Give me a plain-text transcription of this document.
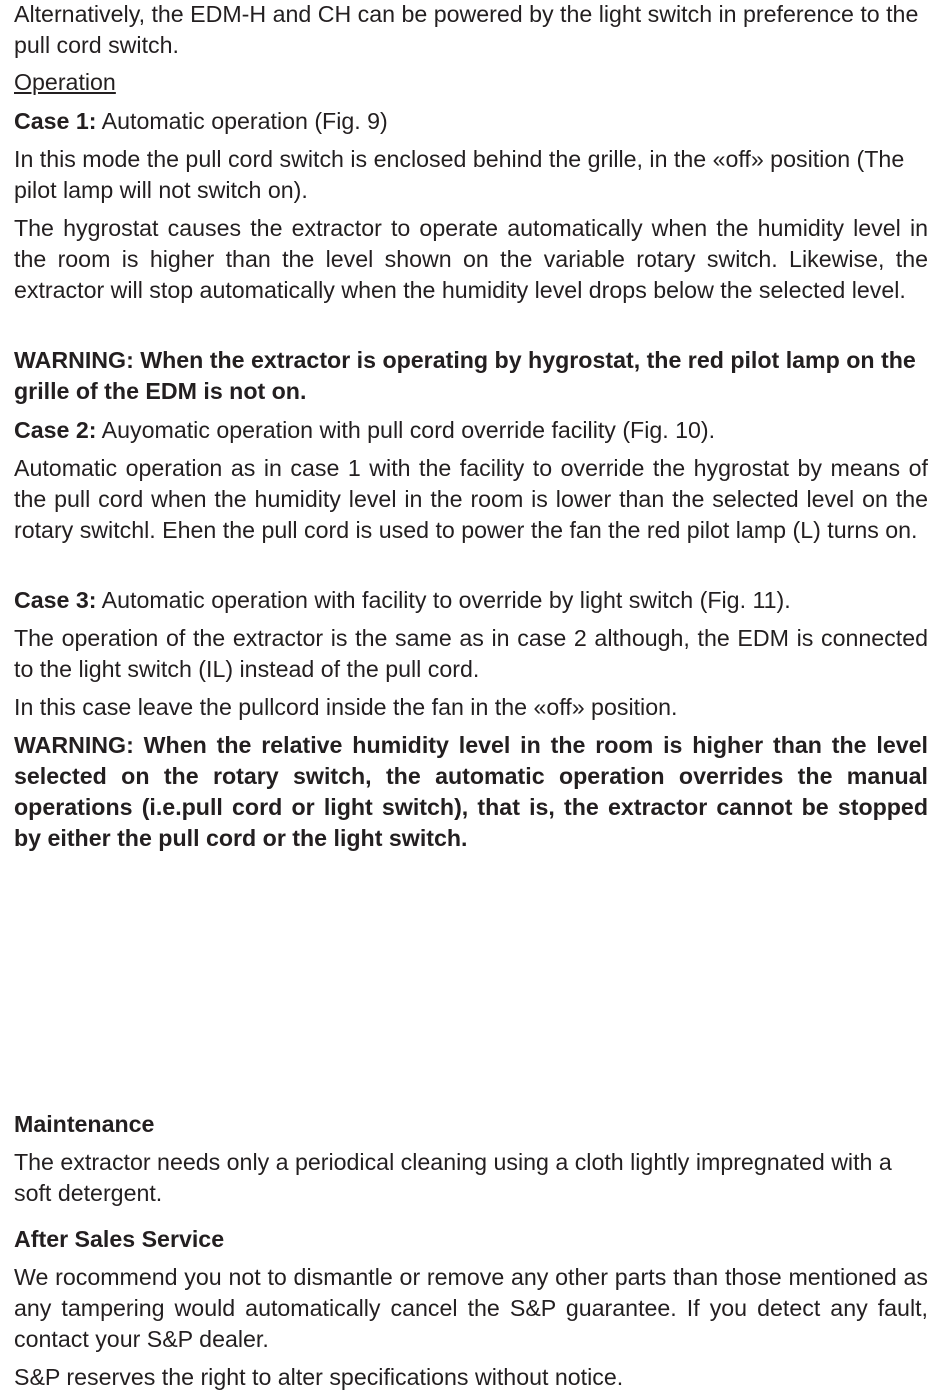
Alternatively, the EDM-H and CH can be powered by the light switch in preference to the pull cord switch.

Operation

Case 1: Automatic operation (Fig. 9)

In this mode the pull cord switch is enclosed behind the grille, in the «off» position (The pilot lamp will not switch on).

The hygrostat causes the extractor to operate automatically when the humidity level in the room is higher than the level shown on the variable rotary switch. Likewise, the extractor will stop automatically when the humidity level drops below the selected level.

WARNING: When the extractor is operating by hygrostat, the red pilot lamp on the grille of the EDM is not on.

Case 2: Auyomatic operation with pull cord override facility (Fig. 10).

Automatic operation as in case 1 with the facility to override the hygrostat by means of the pull cord when the humidity level in the room is lower than the selected level on the rotary switchl. Ehen the pull cord is used to power the fan the red pilot lamp (L) turns on.

Case 3: Automatic operation with facility to override by light switch (Fig. 11).

The operation of the extractor is the same as in case 2 although, the EDM is connected to the light switch (IL) instead of the pull cord.

In this case leave the pullcord inside the fan in the «off» position.

WARNING: When the relative humidity level in the room is higher than the level selected on the rotary switch, the automatic operation overrides the manual operations (i.e.pull cord or light switch), that is, the extractor cannot be stopped by either the pull cord or the light switch.

Maintenance

The extractor needs only a periodical cleaning using a cloth lightly impregnated with a soft detergent.

After Sales Service

We rocommend you not to dismantle or remove any other parts than those mentioned as any tampering would automatically cancel the S&P guarantee. If you detect any fault, contact your S&P dealer.

S&P reserves the right to alter specifications without notice.
